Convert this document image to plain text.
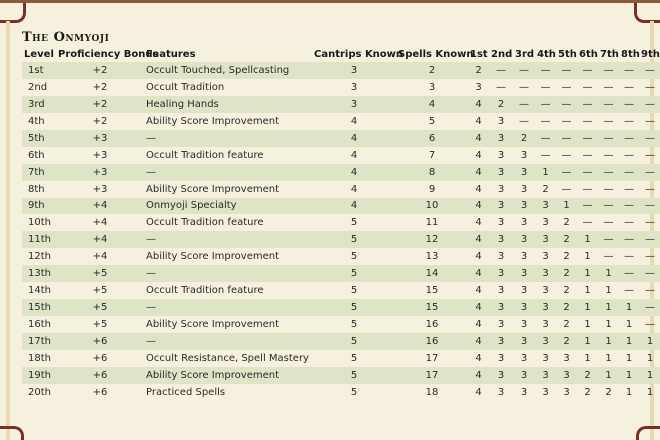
The Onmyoji
Level	Proficiency Bonus	Features	Cantrips Known	Spells Known	1st	2nd	3rd	4th	5th	6th	7th	8th	9th
1st	+2	Occult Touched, Spellcasting	3	2	2	—	—	—	—	—	—	—	—
2nd	+2	Occult Tradition	3	3	3	—	—	—	—	—	—	—	—
3rd	+2	Healing Hands	3	4	4	2	—	—	—	—	—	—	—
4th	+2	Ability Score Improvement	4	5	4	3	—	—	—	—	—	—	—
5th	+3	—	4	6	4	3	2	—	—	—	—	—	—
6th	+3	Occult Tradition feature	4	7	4	3	3	—	—	—	—	—	—
7th	+3	—	4	8	4	3	3	1	—	—	—	—	—
8th	+3	Ability Score Improvement	4	9	4	3	3	2	—	—	—	—	—
9th	+4	Onmyoji Specialty	4	10	4	3	3	3	1	—	—	—	—
10th	+4	Occult Tradition feature	5	11	4	3	3	3	2	—	—	—	—
11th	+4	—	5	12	4	3	3	3	2	1	—	—	—
12th	+4	Ability Score Improvement	5	13	4	3	3	3	2	1	—	—	—
13th	+5	—	5	14	4	3	3	3	2	1	1	—	—
14th	+5	Occult Tradition feature	5	15	4	3	3	3	2	1	1	—	—
15th	+5	—	5	15	4	3	3	3	2	1	1	1	—
16th	+5	Ability Score Improvement	5	16	4	3	3	3	2	1	1	1	—
17th	+6	—	5	16	4	3	3	3	2	1	1	1	1
18th	+6	Occult Resistance, Spell Mastery	5	17	4	3	3	3	3	1	1	1	1
19th	+6	Ability Score Improvement	5	17	4	3	3	3	3	2	1	1	1
20th	+6	Practiced Spells	5	18	4	3	3	3	3	2	2	1	1
